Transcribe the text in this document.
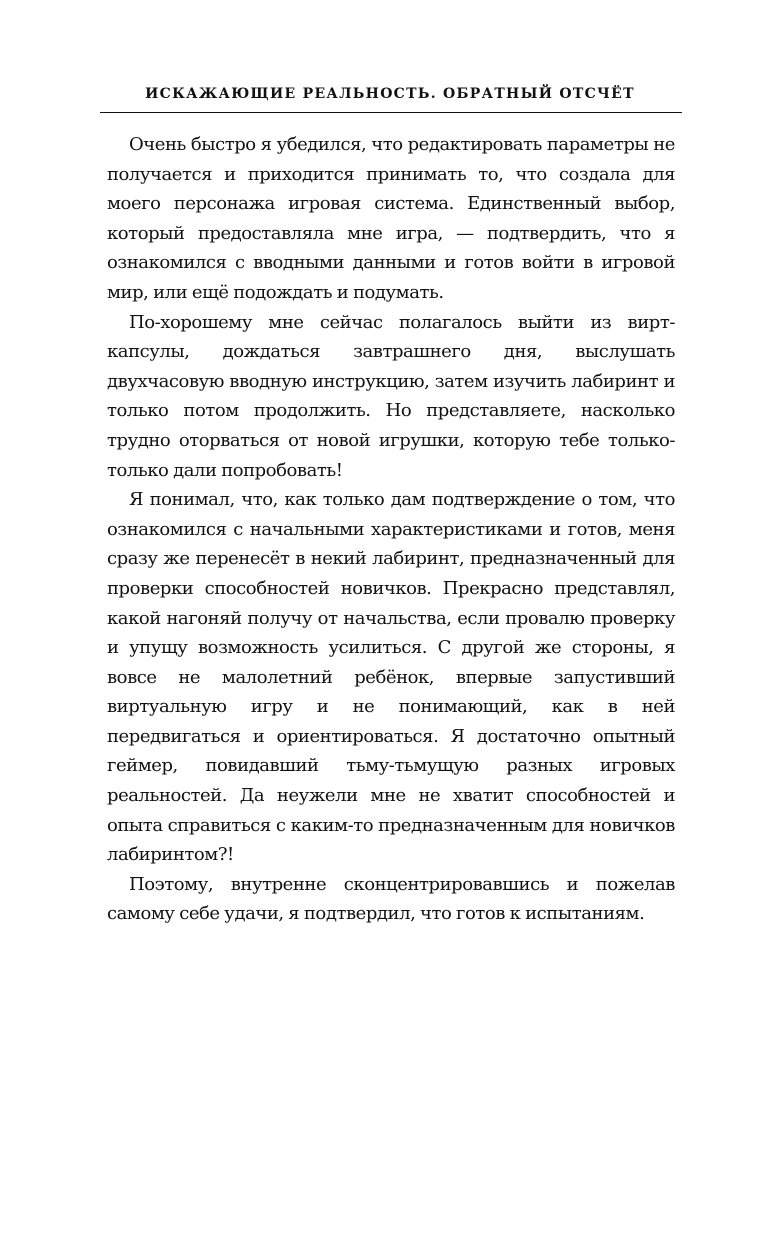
ИСКАЖАЮЩИЕ РЕАЛЬНОСТЬ. ОБРАТНЫЙ ОТСЧЁТ

Очень быстро я убедился, что редактировать параметры не получается и приходится принимать то, что создала для моего персонажа игровая система. Единственный выбор, который предоставляла мне игра, — подтвердить, что я ознакомился с вводными данными и готов войти в игровой мир, или ещё подождать и подумать.

По-хорошему мне сейчас полагалось выйти из вирт-капсулы, дождаться завтрашнего дня, выслушать двухчасовую вводную инструкцию, затем изучить лабиринт и только потом продолжить. Но представляете, насколько трудно оторваться от новой игрушки, которую тебе только-только дали попробовать!

Я понимал, что, как только дам подтверждение о том, что ознакомился с начальными характеристиками и готов, меня сразу же перенесёт в некий лабиринт, предназначенный для проверки способностей новичков. Прекрасно представлял, какой нагоняй получу от начальства, если провалю проверку и упущу возможность усилиться. С другой же стороны, я вовсе не малолетний ребёнок, впервые запустивший виртуальную игру и не понимающий, как в ней передвигаться и ориентироваться. Я достаточно опытный геймер, повидавший тьму-тьмущую разных игровых реальностей. Да неужели мне не хватит способностей и опыта справиться с каким-то предназначенным для новичков лабиринтом?!

Поэтому, внутренне сконцентрировавшись и пожелав самому себе удачи, я подтвердил, что готов к испытаниям.
